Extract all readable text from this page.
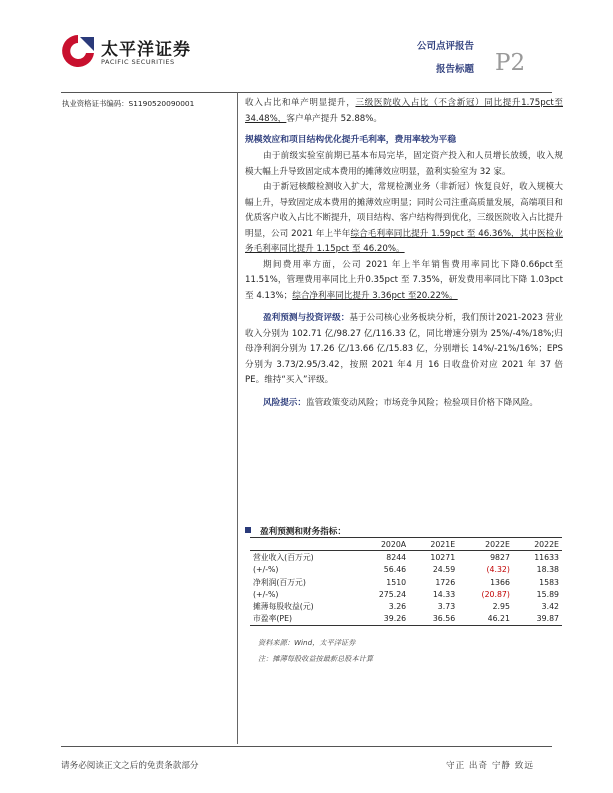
太平洋证券
PACIFIC SECURITIES
公司点评报告
报告标题 P2
执业资格证书编码：S1190520090001	收入占比和单产明显提升，三级医院收入占比（不含新冠）同比提升1.75pct至34.48%，客户单产提升 52.88%。

规模效应和项目结构优化提升毛利率，费用率较为平稳

由于前级实验室前期已基本布局完毕，固定资产投入和人员增长放缓，收入规模大幅上升导致固定成本费用的摊薄效应明显，盈利实验室为 32 家。

由于新冠核酸检测收入扩大，常规检测业务（非新冠）恢复良好，收入规模大幅上升，导致固定成本费用的摊薄效应明显；同时公司注重高质量发展，高端项目和优质客户收入占比不断提升，项目结构、客户结构得到优化，三级医院收入占比提升明显，公司 2021 年上半年综合毛利率同比提升 1.59pct 至 46.36%，其中医检业务毛利率同比提升 1.15pct 至 46.20%。

期间费用率方面，公司 2021 年上半年销售费用率同比下降0.66pct至11.51%，管理费用率同比上升0.35pct 至 7.35%，研发费用率同比下降 1.03pct 至 4.13%；综合净利率同比提升 3.36pct 至20.22%。

盈利预测与投资评级：基于公司核心业务板块分析，我们预计2021-2023 营业收入分别为 102.71 亿/98.27 亿/116.33 亿，同比增速分别为 25%/-4%/18%;归母净利润分别为 17.26 亿/13.66 亿/15.83 亿，分别增长 14%/-21%/16%；EPS 分别为 3.73/2.95/3.42，按照 2021 年4 月 16 日收盘价对应 2021 年 37 倍 PE。维持“买入”评级。

风险提示：监管政策变动风险；市场竞争风险；检验项目价格下降风险。

盈利预测和财务指标：
	2020A	2021E	2022E	2022E
营业收入(百万元)	8244	10271	9827	11633
(+/-%)	56.46	24.59	(4.32)	18.38
净利润(百万元)	1510	1726	1366	1583
(+/-%)	275.24	14.33	(20.87)	15.89
摊薄每股收益(元)	3.26	3.73	2.95	3.42
市盈率(PE)	39.26	36.56	46.21	39.87
资料来源：Wind，太平洋证券
注：摊薄每股收益按最新总股本计算
请务必阅读正文之后的免责条款部分	守正 出奇 宁静 致远
